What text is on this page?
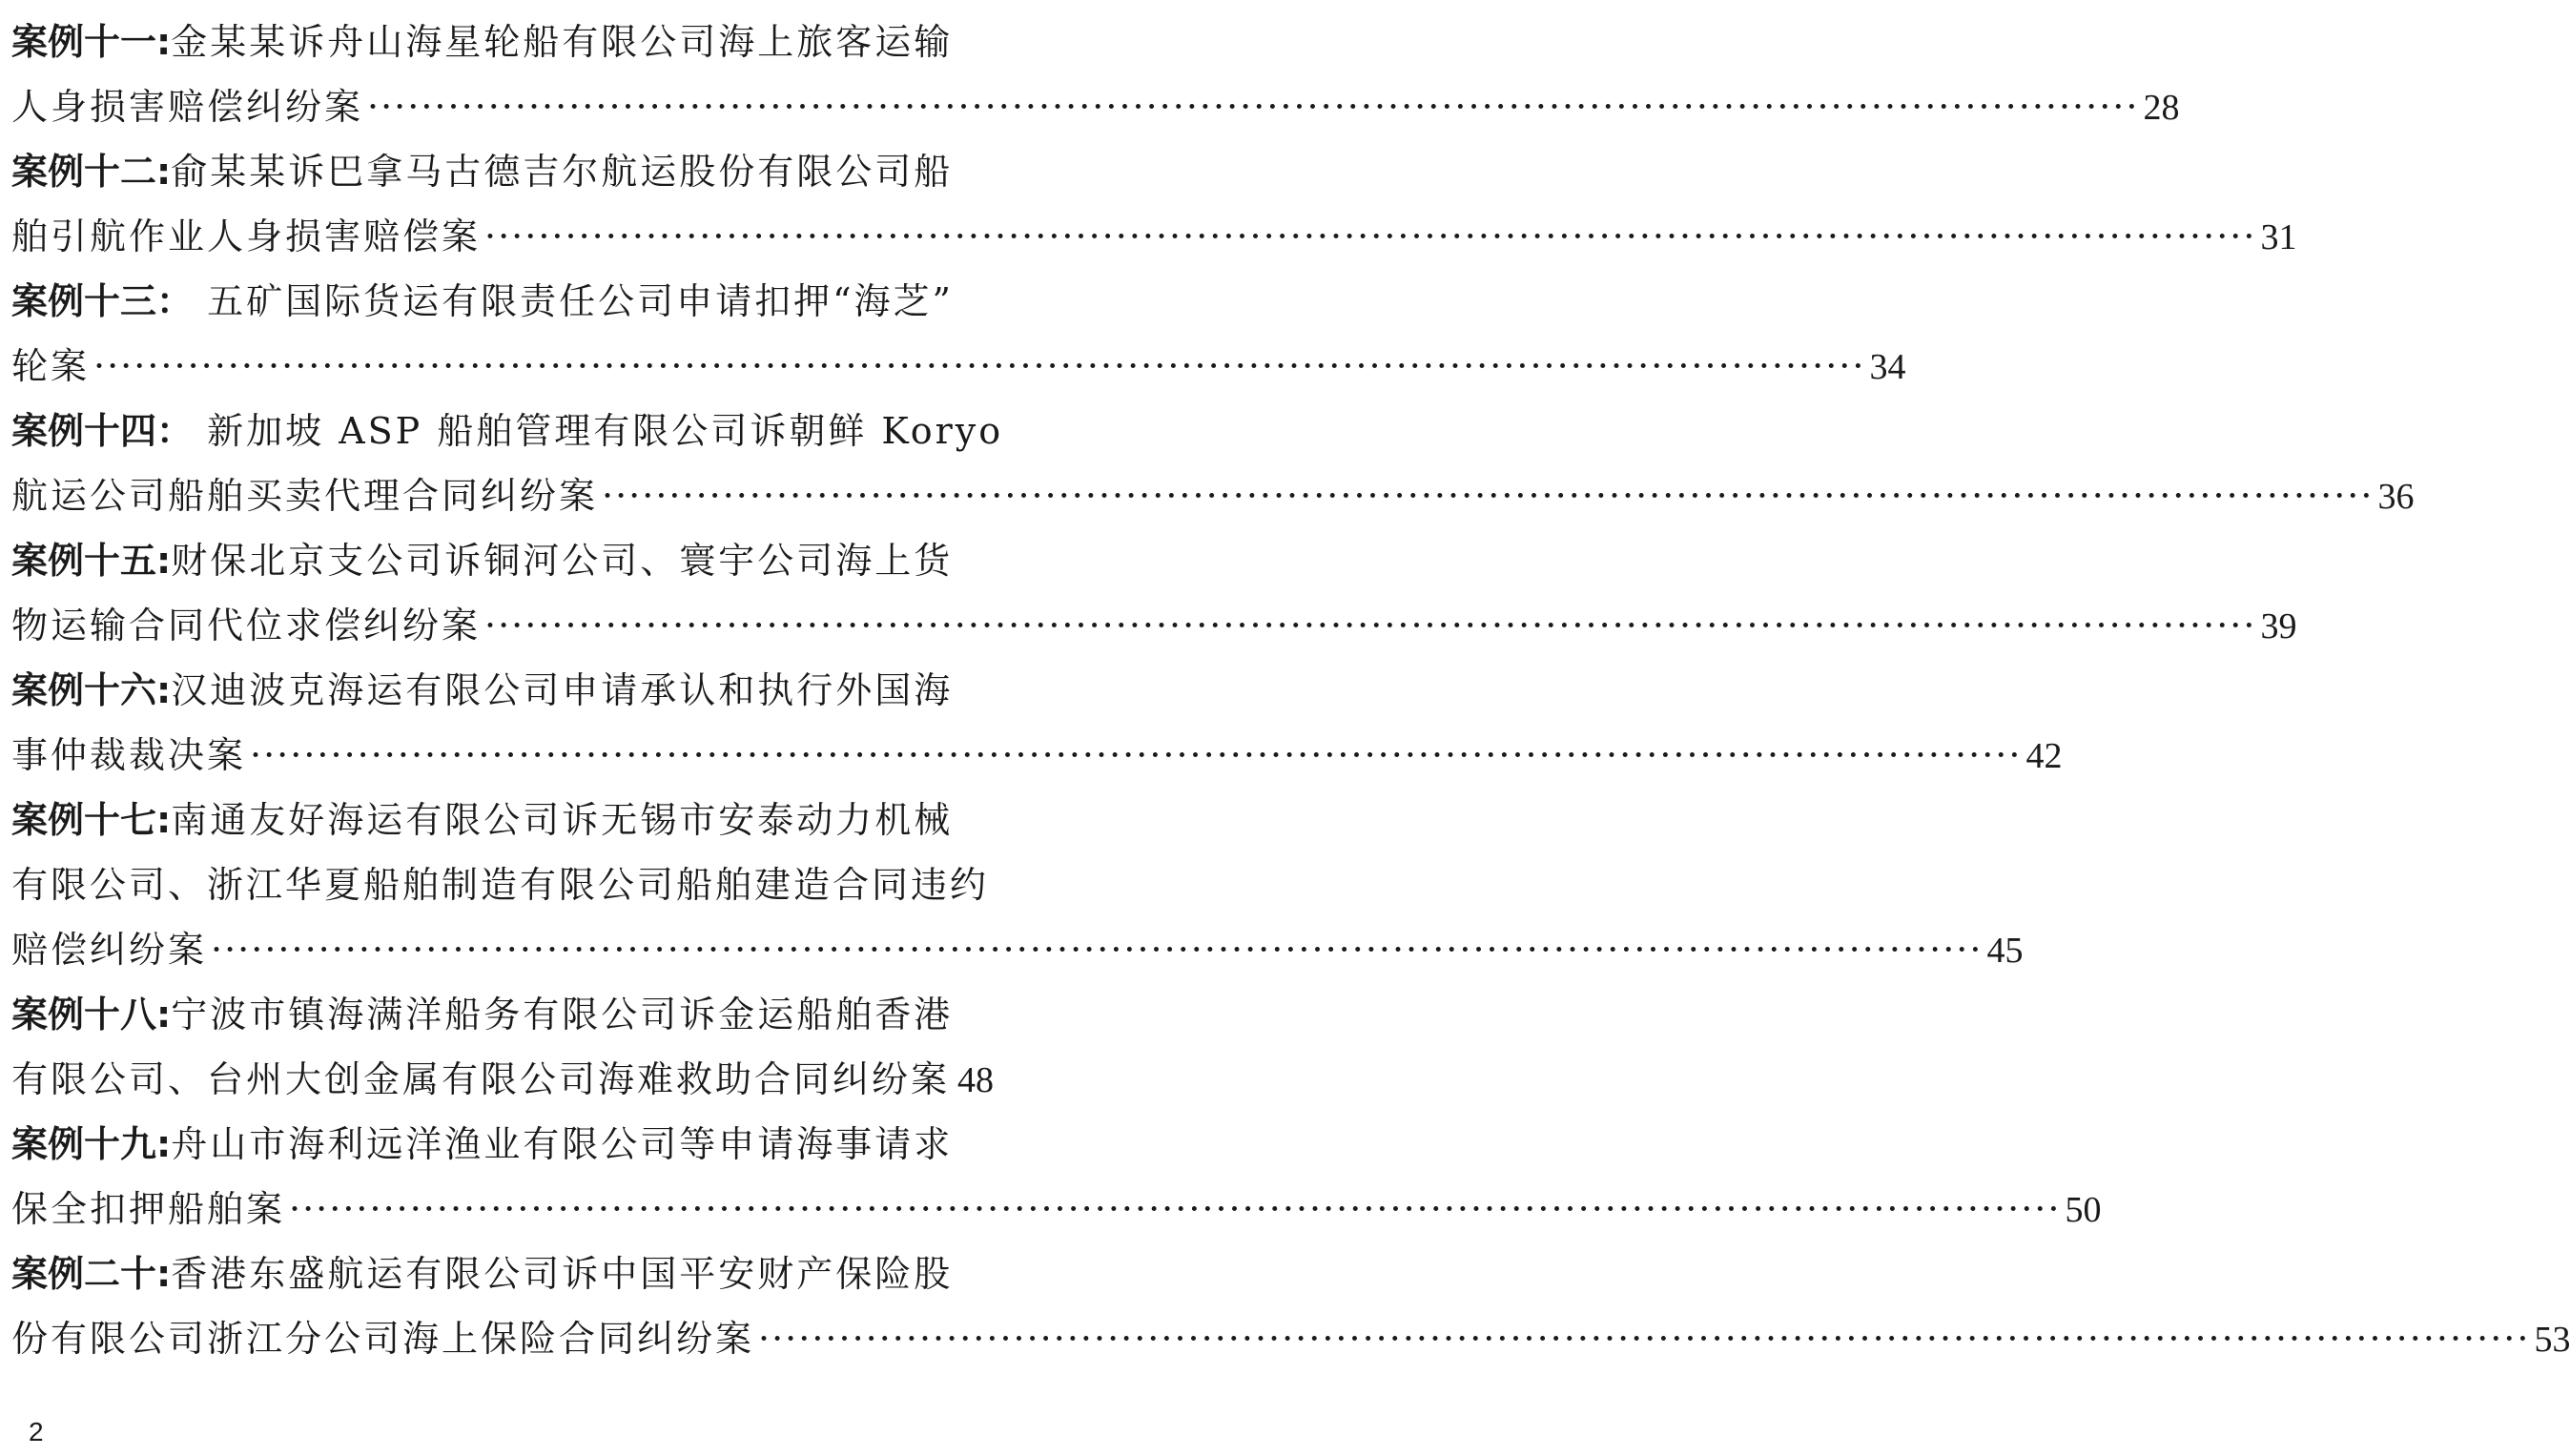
案例十一:金某某诉舟山海星轮船有限公司海上旅客运输
人身损害赔偿纠纷案 ·····	28
案例十二:俞某某诉巴拿马古德吉尔航运股份有限公司船
舶引航作业人身损害赔偿案 ·····	31
案例十三： 五矿国际货运有限责任公司申请扣押“海芝”
轮案 ·····	34
案例十四： 新加坡 ASP 船舶管理有限公司诉朝鲜 Koryo
航运公司船舶买卖代理合同纠纷案 ·····	36
案例十五:财保北京支公司诉铜河公司、寰宇公司海上货
物运输合同代位求偿纠纷案 ·····	39
案例十六:汉迪波克海运有限公司申请承认和执行外国海
事仲裁裁决案 ·····	42
案例十七:南通友好海运有限公司诉无锡市安泰动力机械
有限公司、浙江华夏船舶制造有限公司船舶建造合同违约
赔偿纠纷案 ·····	45
案例十八:宁波市镇海满洋船务有限公司诉金运船舶香港
有限公司、台州大创金属有限公司海难救助合同纠纷案 48
案例十九:舟山市海利远洋渔业有限公司等申请海事请求
保全扣押船舶案 ·····	50
案例二十:香港东盛航运有限公司诉中国平安财产保险股
份有限公司浙江分公司海上保险合同纠纷案 ·····	53
2
